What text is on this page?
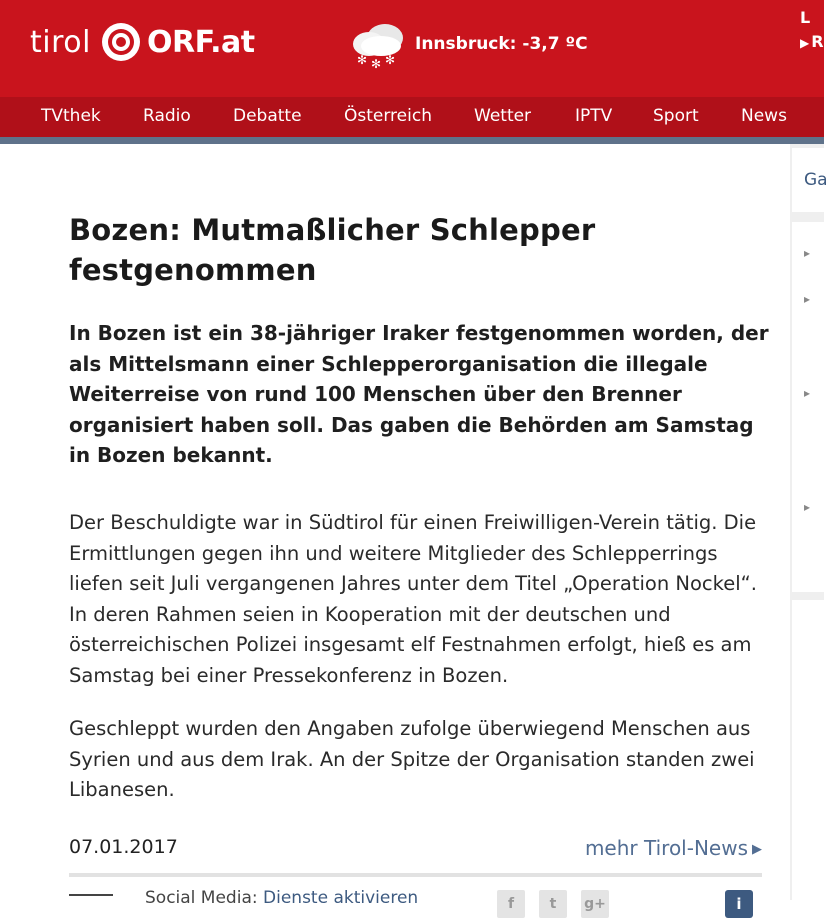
tirol ORF.at
✻ ✻ ✻
Innsbruck: -3,7 ºC
L
▶ R
TVthek Radio Debatte Österreich Wetter	IPTV Sport News
Ga
▸
▸
▸
▸
Bozen: Mutmaßlicher Schlepper festgenommen

In Bozen ist ein 38-jähriger Iraker festgenommen worden, der als Mittelsmann einer Schlepperorganisation die illegale Weiterreise von rund 100 Menschen über den Brenner organisiert haben soll. Das gaben die Behörden am Samstag in Bozen bekannt.

Der Beschuldigte war in Südtirol für einen Freiwilligen-Verein tätig. Die Ermittlungen gegen ihn und weitere Mitglieder des Schlepperrings liefen seit Juli vergangenen Jahres unter dem Titel „Operation Nockel“. In deren Rahmen seien in Kooperation mit der deutschen und österreichischen Polizei insgesamt elf Festnahmen erfolgt, hieß es am Samstag bei einer Pressekonferenz in Bozen.

Geschleppt wurden den Angaben zufolge überwiegend Menschen aus Syrien und aus dem Irak. An der Spitze der Organisation standen zwei Libanesen.

07.01.2017	mehr Tirol-News ▶
Social Media: Dienste aktivieren	f	t	g+	i
